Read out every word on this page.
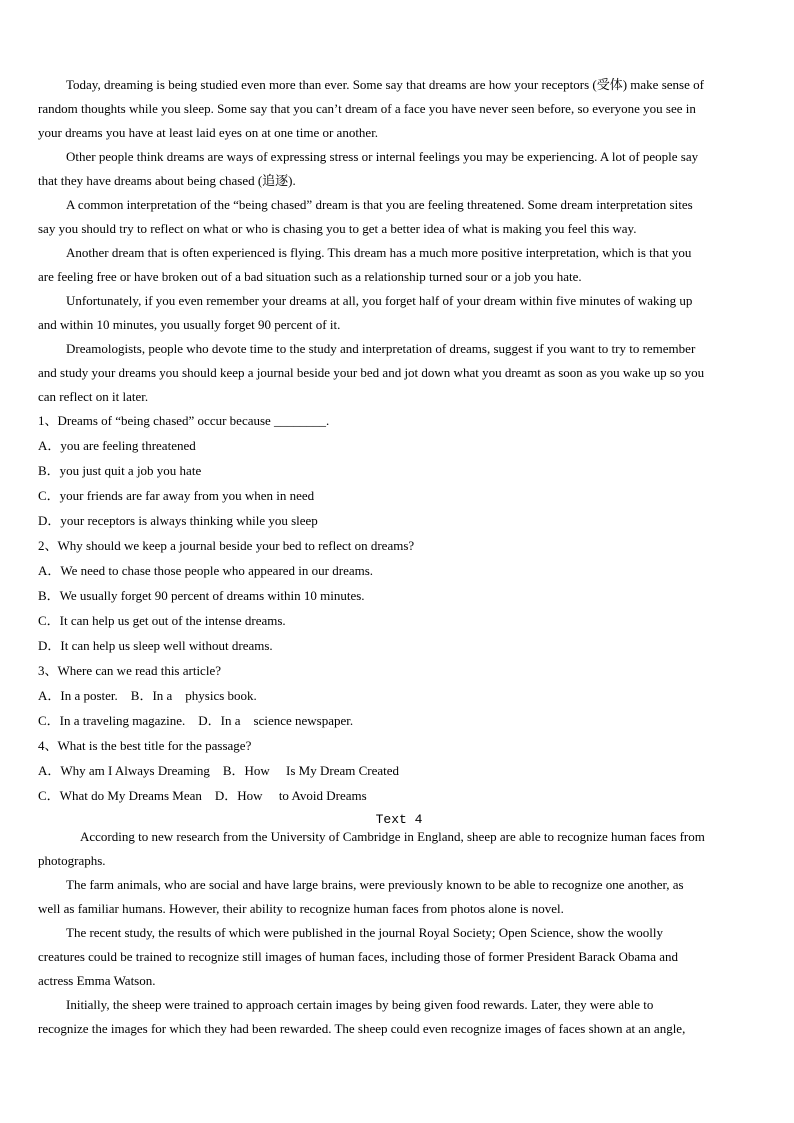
Today, dreaming is being studied even more than ever. Some say that dreams are how your receptors (受体) make sense of
random thoughts while you sleep. Some say that you can’t dream of a face you have never seen before, so everyone you see in
your dreams you have at least laid eyes on at one time or another.
Other people think dreams are ways of expressing stress or internal feelings you may be experiencing. A lot of people say
that they have dreams about being chased (追逐).
A common interpretation of the “being chased” dream is that you are feeling threatened. Some dream interpretation sites
say you should try to reflect on what or who is chasing you to get a better idea of what is making you feel this way.
Another dream that is often experienced is flying. This dream has a much more positive interpretation, which is that you
are feeling free or have broken out of a bad situation such as a relationship turned sour or a job you hate.
Unfortunately, if you even remember your dreams at all, you forget half of your dream within five minutes of waking up
and within 10 minutes, you usually forget 90 percent of it.
Dreamologists, people who devote time to the study and interpretation of dreams, suggest if you want to try to remember
and study your dreams you should keep a journal beside your bed and jot down what you dreamt as soon as you wake up so you
can reflect on it later.
1、Dreams of “being chased” occur because ________.
A．you are feeling threatened
B．you just quit a job you hate
C．your friends are far away from you when in need
D．your receptors is always thinking while you sleep
2、Why should we keep a journal beside your bed to reflect on dreams?
A．We need to chase those people who appeared in our dreams.
B．We usually forget 90 percent of dreams within 10 minutes.
C．It can help us get out of the intense dreams.
D．It can help us sleep well without dreams.
3、Where can we read this article?
A．In a poster.　B．In a　physics book.
C．In a traveling magazine.　D．In a　science newspaper.
4、What is the best title for the passage?
A．Why am I Always Dreaming　B．How　 Is My Dream Created
C．What do My Dreams Mean　D．How　 to Avoid Dreams
Text 4
According to new research from the University of Cambridge in England, sheep are able to recognize human faces from
photographs.
The farm animals, who are social and have large brains, were previously known to be able to recognize one another, as
well as familiar humans. However, their ability to recognize human faces from photos alone is novel.
The recent study, the results of which were published in the journal Royal Society; Open Science, show the woolly
creatures could be trained to recognize still images of human faces, including those of former President Barack Obama and
actress Emma Watson.
Initially, the sheep were trained to approach certain images by being given food rewards. Later, they were able to
recognize the images for which they had been rewarded. The sheep could even recognize images of faces shown at an angle,
